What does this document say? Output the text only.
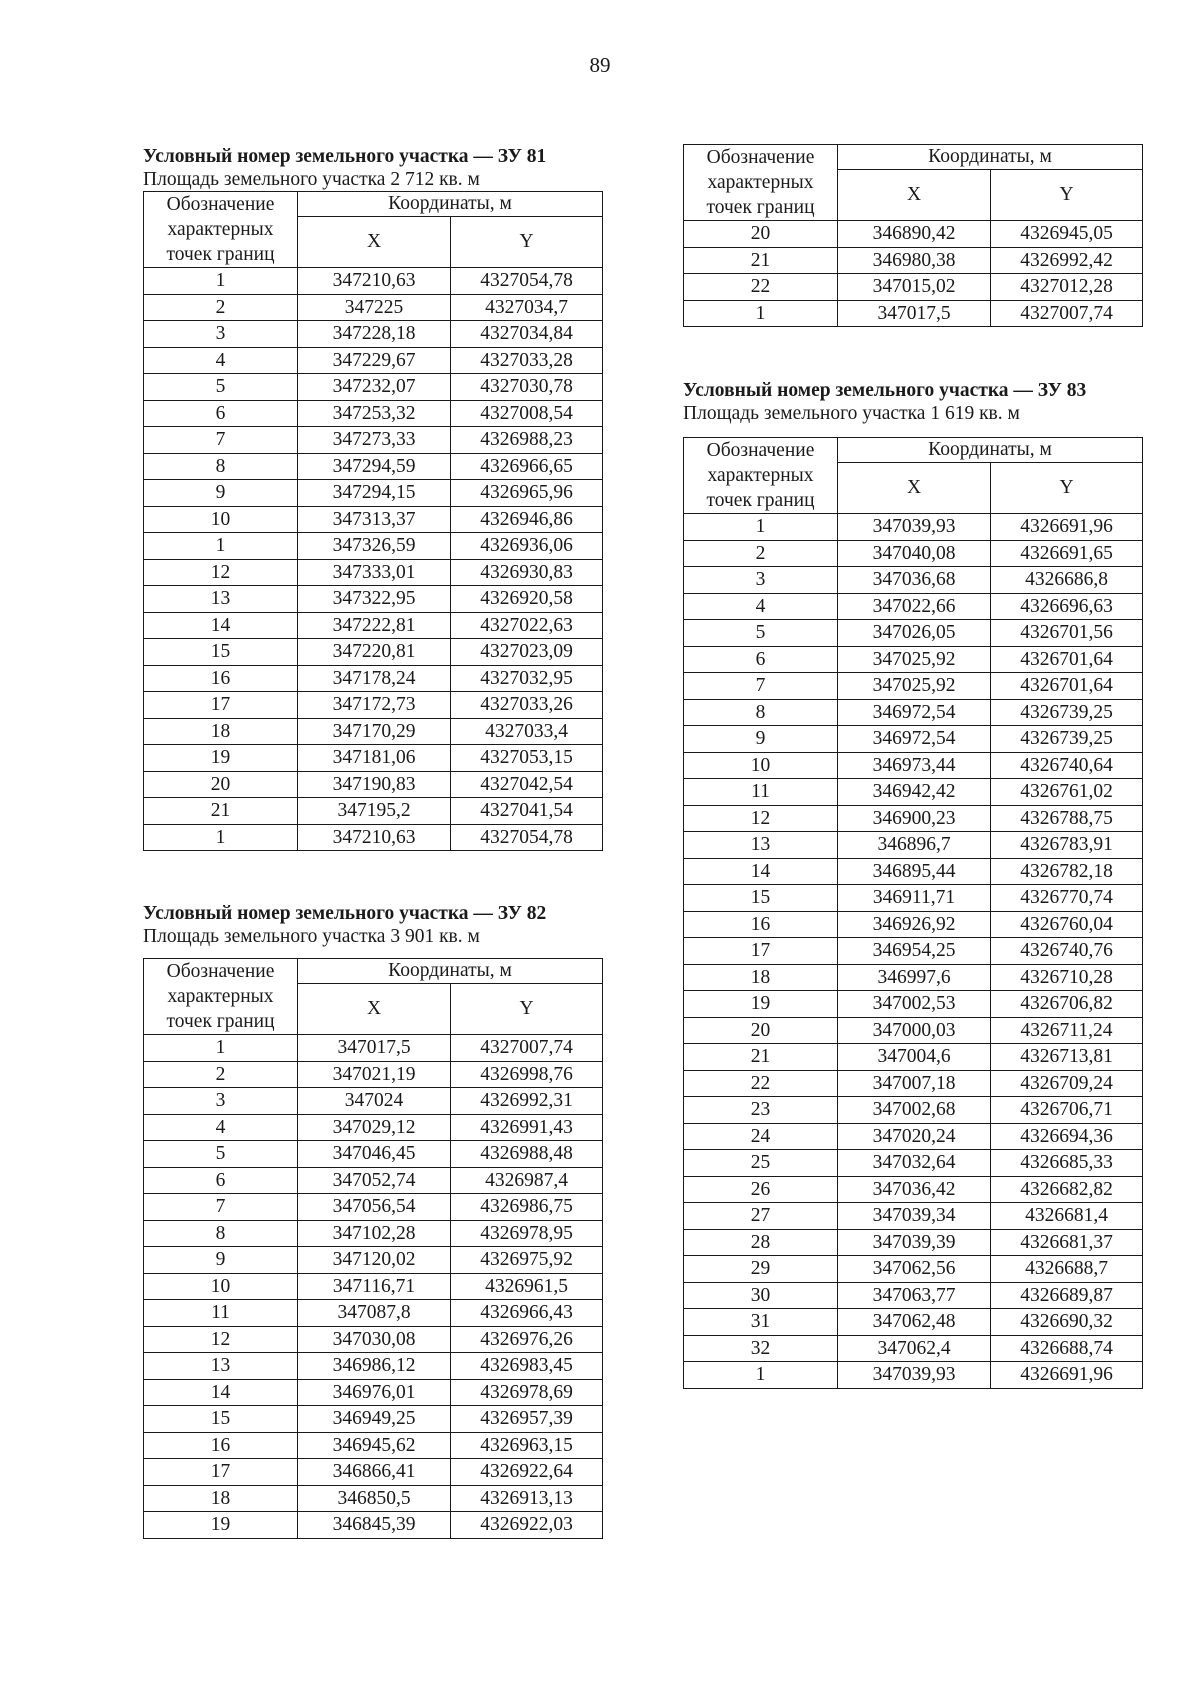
89
Условный номер земельного участка –– ЗУ 81
Площадь земельного участка 2 712 кв. м
Обозначение
характерных
точек границ	Координаты, м	
	X	Y
1	347210,63	4327054,78
2	347225	4327034,7
3	347228,18	4327034,84
4	347229,67	4327033,28
5	347232,07	4327030,78
6	347253,32	4327008,54
7	347273,33	4326988,23
8	347294,59	4326966,65
9	347294,15	4326965,96
10	347313,37	4326946,86
1	347326,59	4326936,06
12	347333,01	4326930,83
13	347322,95	4326920,58
14	347222,81	4327022,63
15	347220,81	4327023,09
16	347178,24	4327032,95
17	347172,73	4327033,26
18	347170,29	4327033,4
19	347181,06	4327053,15
20	347190,83	4327042,54
21	347195,2	4327041,54
1	347210,63	4327054,78
Условный номер земельного участка –– ЗУ 82
Площадь земельного участка 3 901 кв. м
Обозначение
характерных
точек границ	Координаты, м	
	X	Y
1	347017,5	4327007,74
2	347021,19	4326998,76
3	347024	4326992,31
4	347029,12	4326991,43
5	347046,45	4326988,48
6	347052,74	4326987,4
7	347056,54	4326986,75
8	347102,28	4326978,95
9	347120,02	4326975,92
10	347116,71	4326961,5
11	347087,8	4326966,43
12	347030,08	4326976,26
13	346986,12	4326983,45
14	346976,01	4326978,69
15	346949,25	4326957,39
16	346945,62	4326963,15
17	346866,41	4326922,64
18	346850,5	4326913,13
19	346845,39	4326922,03
Обозначение
характерных
точек границ	Координаты, м	
	X	Y
20	346890,42	4326945,05
21	346980,38	4326992,42
22	347015,02	4327012,28
1	347017,5	4327007,74
Условный номер земельного участка –– ЗУ 83
Площадь земельного участка 1 619 кв. м
Обозначение
характерных
точек границ	Координаты, м	
	X	Y
1	347039,93	4326691,96
2	347040,08	4326691,65
3	347036,68	4326686,8
4	347022,66	4326696,63
5	347026,05	4326701,56
6	347025,92	4326701,64
7	347025,92	4326701,64
8	346972,54	4326739,25
9	346972,54	4326739,25
10	346973,44	4326740,64
11	346942,42	4326761,02
12	346900,23	4326788,75
13	346896,7	4326783,91
14	346895,44	4326782,18
15	346911,71	4326770,74
16	346926,92	4326760,04
17	346954,25	4326740,76
18	346997,6	4326710,28
19	347002,53	4326706,82
20	347000,03	4326711,24
21	347004,6	4326713,81
22	347007,18	4326709,24
23	347002,68	4326706,71
24	347020,24	4326694,36
25	347032,64	4326685,33
26	347036,42	4326682,82
27	347039,34	4326681,4
28	347039,39	4326681,37
29	347062,56	4326688,7
30	347063,77	4326689,87
31	347062,48	4326690,32
32	347062,4	4326688,74
1	347039,93	4326691,96
